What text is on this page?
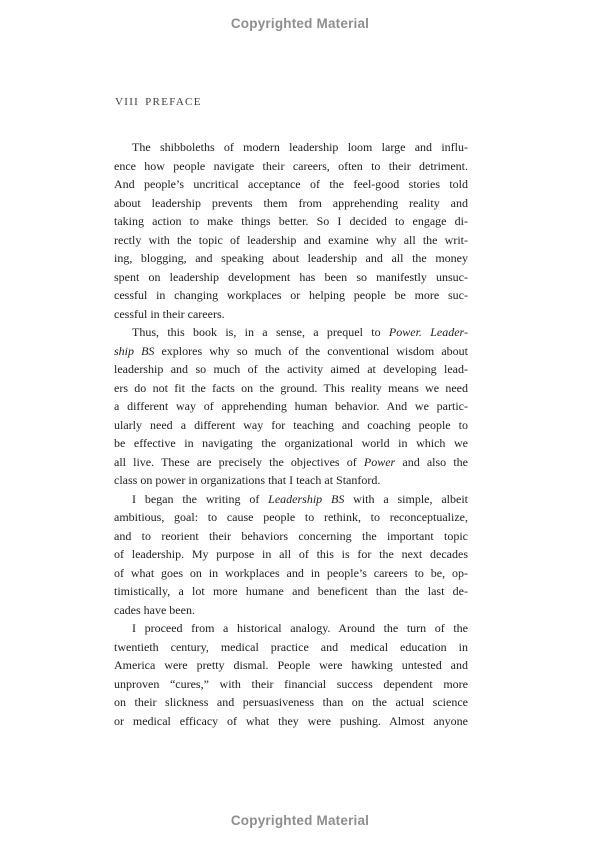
Copyrighted Material
VIII PREFACE
The shibboleths of modern leadership loom large and influ-
ence how people navigate their careers, often to their detriment.
And people’s uncritical acceptance of the feel-good stories told
about leadership prevents them from apprehending reality and
taking action to make things better. So I decided to engage di-
rectly with the topic of leadership and examine why all the writ-
ing, blogging, and speaking about leadership and all the money
spent on leadership development has been so manifestly unsuc-
cessful in changing workplaces or helping people be more suc-
cessful in their careers.
Thus, this book is, in a sense, a prequel to Power. Leader-
ship BS explores why so much of the conventional wisdom about
leadership and so much of the activity aimed at developing lead-
ers do not fit the facts on the ground. This reality means we need
a different way of apprehending human behavior. And we partic-
ularly need a different way for teaching and coaching people to
be effective in navigating the organizational world in which we
all live. These are precisely the objectives of Power and also the
class on power in organizations that I teach at Stanford.
I began the writing of Leadership BS with a simple, albeit
ambitious, goal: to cause people to rethink, to reconceptualize,
and to reorient their behaviors concerning the important topic
of leadership. My purpose in all of this is for the next decades
of what goes on in workplaces and in people’s careers to be, op-
timistically, a lot more humane and beneficent than the last de-
cades have been.
I proceed from a historical analogy. Around the turn of the
twentieth century, medical practice and medical education in
America were pretty dismal. People were hawking untested and
unproven “cures,” with their financial success dependent more
on their slickness and persuasiveness than on the actual science
or medical efficacy of what they were pushing. Almost anyone
Copyrighted Material
